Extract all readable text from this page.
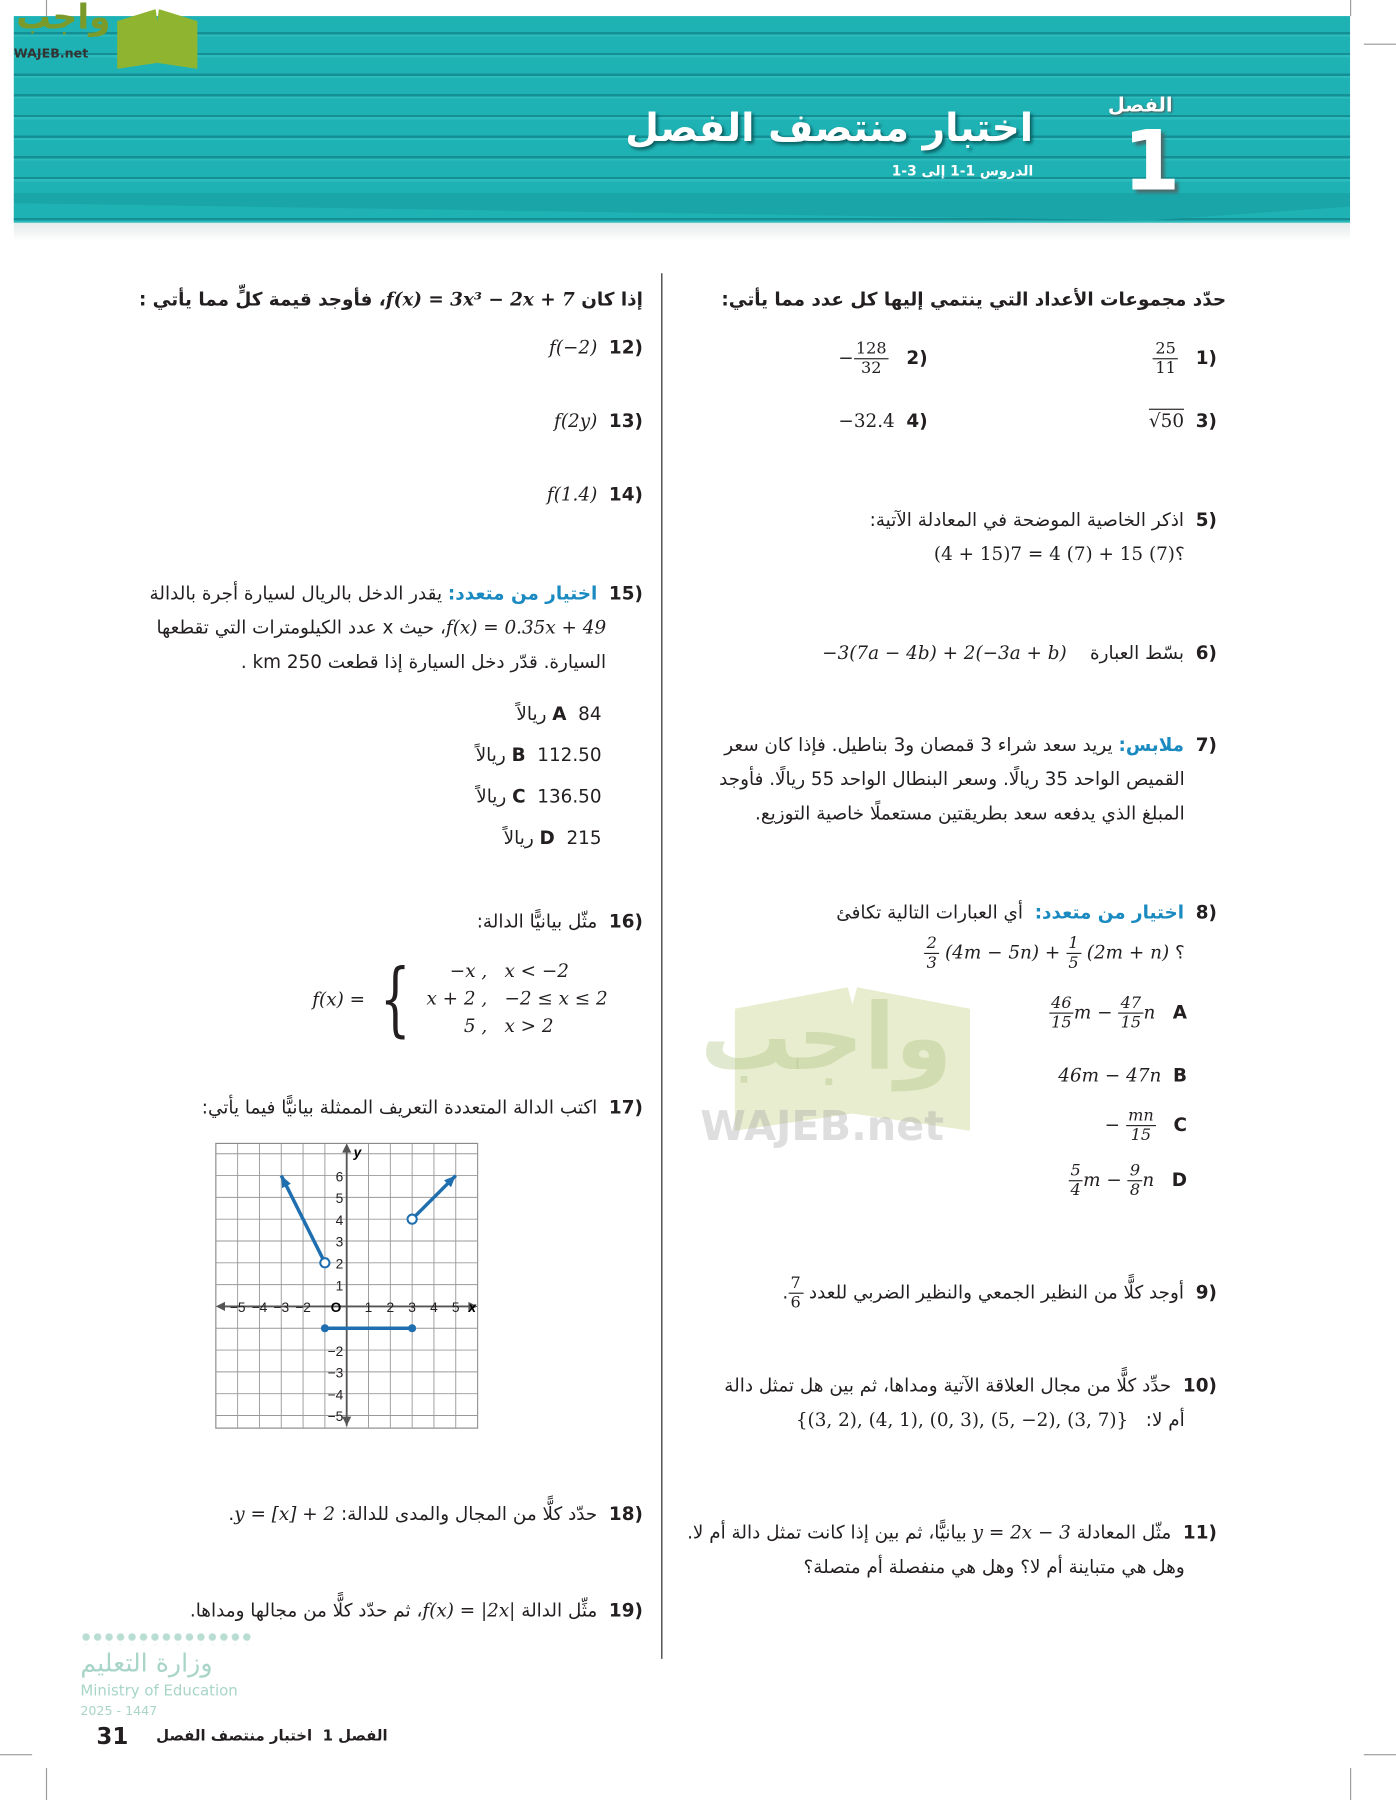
اختبار منتصف الفصل
الدروس 1-1 إلى 3-1
الفصل
1
واجب
WAJEB.net
واجب
WAJEB.net
حدّد مجموعات الأعداد التي ينتمي إليها كل عدد مما يأتي:
(1
$\frac{25}{11}$
(2
$\frac{128}{32}$
−
(3  √50
(4  −32.4
(5  اذكر الخاصية الموضحة في المعادلة الآتية:
؟(4 + 15)7 = 4 (7) + 15 (7)
(6  بسّط العبارة    −3(7a − 4b) + 2(−3a + b)
(7  ملابس: يريد سعد شراء 3 قمصان و3 بناطيل. فإذا كان سعر
القميص الواحد 35 ريالًا. وسعر البنطال الواحد 55 ريالًا. فأوجد
المبلغ الذي يدفعه سعد بطريقتين مستعملًا خاصية التوزيع.
(8  اختيار من متعدد:  أي العبارات التالية تكافئ
؟
$\frac{2}{3} (4m - 5n) + \frac{1}{5} (2m + n)$
A
$\frac{46}{15}$ $m - \frac{47}{15}$ n
B  46m − 47n
$C - \frac{mn}{15}$
D
$\frac{5}{4}$ $m - \frac{9}{8}$ n
(9  أوجد كلًّا من النظير الجمعي والنظير الضربي للعدد
$\frac{7}{6}$
.
(10  حدِّد كلًّا من مجال العلاقة الآتية ومداها، ثم بين هل تمثل دالة
أم لا:   {(3, 2), (4, 1), (0, 3), (5, −2), (3, 7)}
(11  مثّل المعادلة y = 2x − 3 بيانيًّا، ثم بين إذا كانت تمثل دالة أم لا.
وهل هي متباينة أم لا؟ وهل هي منفصلة أم متصلة؟
إذا كان f(x) = 3x³ − 2x + 7، فأوجد قيمة كلٍّ مما يأتي :
(12  f(−2)
(13  f(2y)
(14  f(1.4)
(15  اختيار من متعدد: يقدر الدخل بالريال لسيارة أجرة بالدالة
f(x) = 0.35x + 49، حيث x عدد الكيلومترات التي تقطعها
السيارة. قدّر دخل السيارة إذا قطعت 250 km .
A  84 ريالاً
B  112.50 ريالاً
C  136.50 ريالاً
D  215 ريالاً
(16  مثّل بيانيًّا الدالة:
f(x) = { −x ,	x < −2
x + 2 ,	−2 ≤ x ≤ 2
5 ,	x > 2
(17  اكتب الدالة المتعددة التعريف الممثلة بيانيًّا فيما يأتي:
−5 −4 −3 −2	1 2 3 4 5
6
5
4
3
2
1
−2
−3
−4
−5
O	x
y
(18  حدّد كلًّا من المجال والمدى للدالة: y = [x] + 2.
(19  مثِّل الدالة f(x) = |2x|، ثم حدّد كلًّا من مجالها ومداها.
وزارة التعليم
Ministry of Education
2025 - 1447
31	الفصل 1  اختبار منتصف الفصل
